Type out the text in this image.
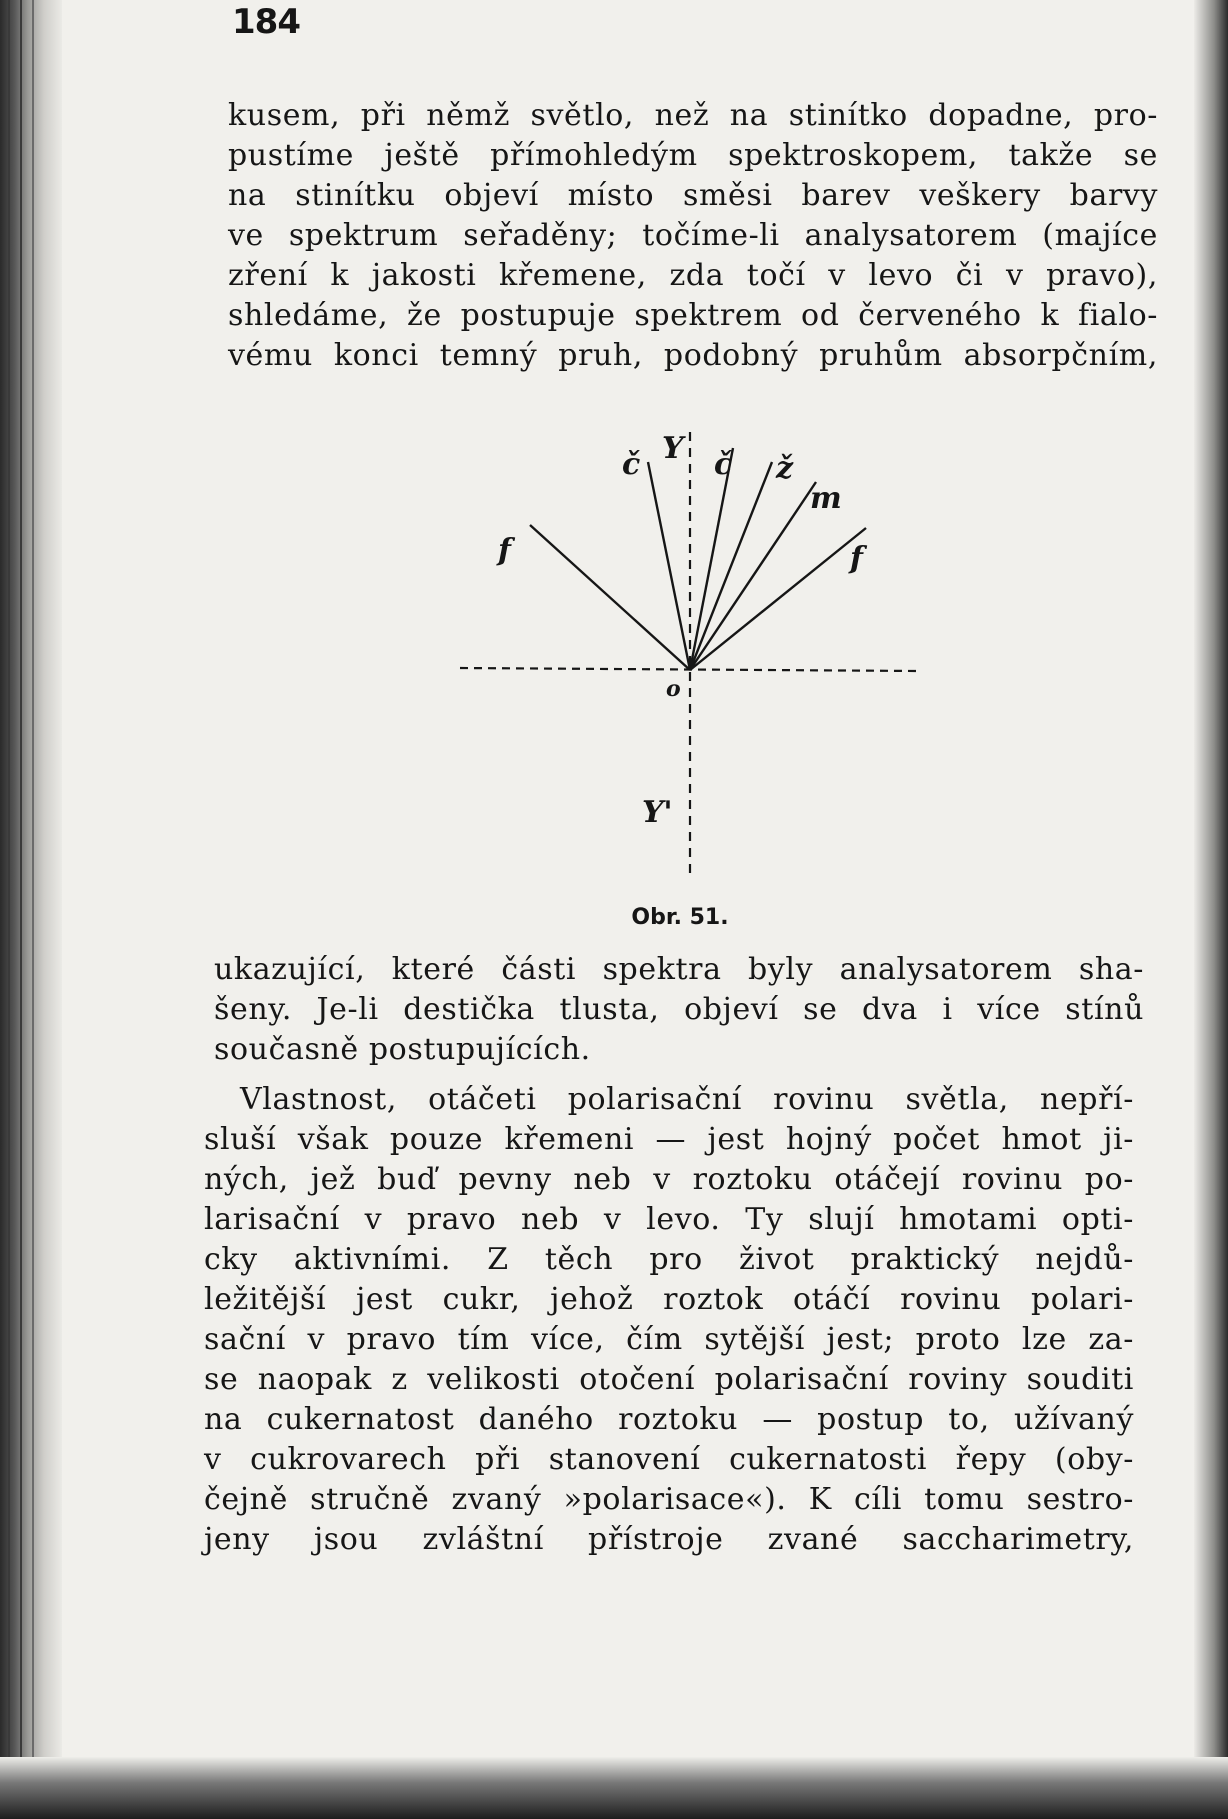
184
kusem, při němž světlo, než na stinítko dopadne, pro-
pustíme ještě přímohledým spektroskopem, takže se
na stinítku objeví místo směsi barev veškery barvy
ve spektrum seřaděny; točíme-li analysatorem (majíce
zření k jakosti křemene, zda točí v levo či v pravo),
shledáme, že postupuje spektrem od červeného k fialo-
vému konci temný pruh, podobný pruhům absorpčním,
Y
č č ž
m
f	f
o
Y'
Obr. 51.
ukazující, které části spektra byly analysatorem sha-
šeny. Je-li destička tlusta, objeví se dva i více stínů
současně postupujících.
Vlastnost, otáčeti polarisační rovinu světla, nepří-
sluší však pouze křemeni — jest hojný počet hmot ji-
ných, jež buď pevny neb v roztoku otáčejí rovinu po-
larisační v pravo neb v levo. Ty slují hmotami opti-
cky aktivními. Z těch pro život praktický nejdů-
ležitější jest cukr, jehož roztok otáčí rovinu polari-
sační v pravo tím více, čím sytější jest; proto lze za-
se naopak z velikosti otočení polarisační roviny souditi
na cukernatost daného roztoku — postup to, užívaný
v cukrovarech při stanovení cukernatosti řepy (oby-
čejně stručně zvaný »polarisace«). K cíli tomu sestro-
jeny jsou zvláštní přístroje zvané saccharimetry,
